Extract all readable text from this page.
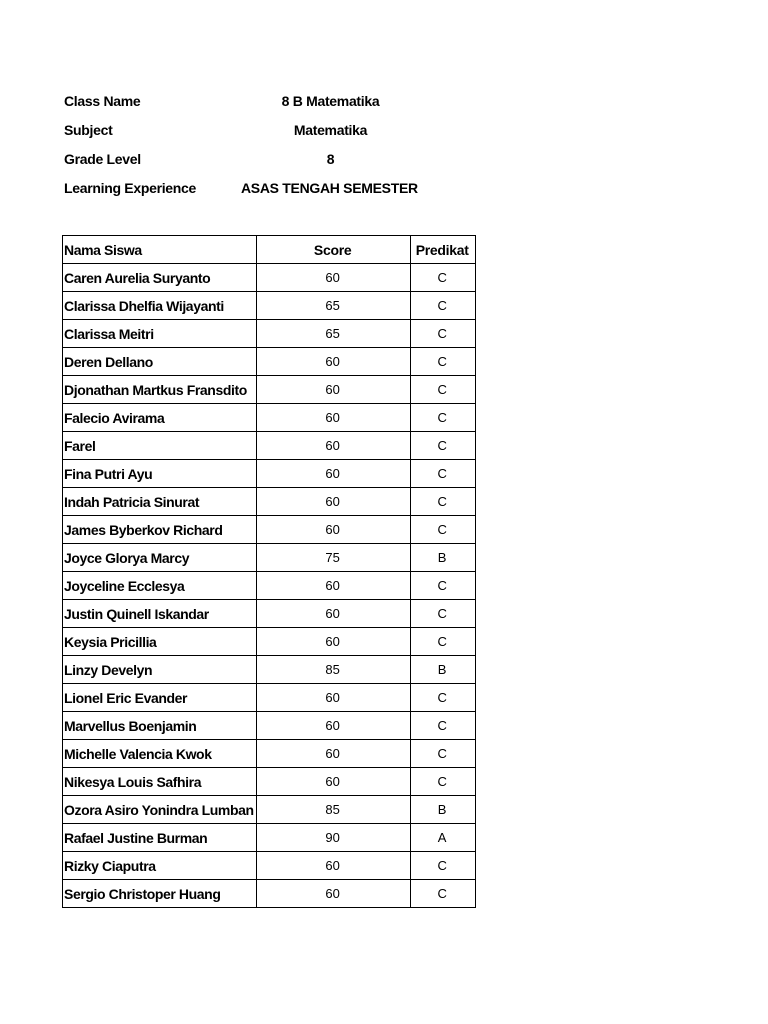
Class Name	8 B Matematika
Subject	Matematika
Grade Level	8
Learning Experience	ASAS TENGAH SEMESTER
Nama Siswa	Score	Predikat
Caren Aurelia Suryanto	60	C
Clarissa Dhelfia Wijayanti	65	C
Clarissa Meitri	65	C
Deren Dellano	60	C
Djonathan Martkus Fransdito	60	C
Falecio Avirama	60	C
Farel	60	C
Fina Putri Ayu	60	C
Indah Patricia Sinurat	60	C
James Byberkov Richard	60	C
Joyce Glorya Marcy	75	B
Joyceline Ecclesya	60	C
Justin Quinell Iskandar	60	C
Keysia Pricillia	60	C
Linzy Develyn	85	B
Lionel Eric Evander	60	C
Marvellus Boenjamin	60	C
Michelle Valencia Kwok	60	C
Nikesya Louis Safhira	60	C
Ozora Asiro Yonindra Lumban	85	B
Rafael Justine Burman	90	A
Rizky Ciaputra	60	C
Sergio Christoper Huang	60	C
